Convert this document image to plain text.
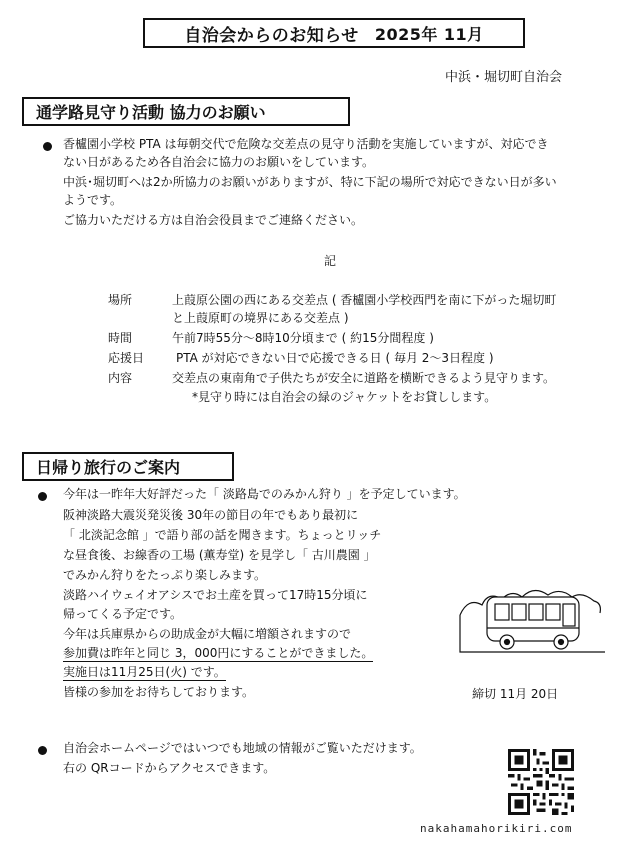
自治会からのお知らせ 2025年 11月
中浜・堀切町自治会
通学路見守り活動 協力のお願い
香櫨園小学校 PTA は毎朝交代で危険な交差点の見守り活動を実施していますが、対応でき
ない日があるため各自治会に協力のお願いをしています。
中浜･堀切町へは2か所協力のお願いがありますが、特に下記の場所で対応できない日が多い
ようです。
ご協力いただける方は自治会役員までご連絡ください。
記
場所	上葭原公園の西にある交差点 ( 香櫨園小学校西門を南に下がった堀切町
と上葭原町の境界にある交差点 )
時間	午前7時55分～8時10分頃まで ( 約15分間程度 )
応援日	PTA が対応できない日で応援できる日 ( 毎月 2～3日程度 )
内容	交差点の東南角で子供たちが安全に道路を横断できるよう見守ります。
*見守り時には自治会の緑のジャケットをお貸しします。
日帰り旅行のご案内
今年は一昨年大好評だった「 淡路島でのみかん狩り 」を予定しています。
阪神淡路大震災発災後 30年の節目の年でもあり最初に
「 北淡記念館 」で語り部の話を聞きます。ちょっとリッチ
な昼食後、お線香の工場 (薫寿堂) を見学し「 古川農園 」
でみかん狩りをたっぷり楽しみます。
淡路ハイウェイオアシスでお土産を買って17時15分頃に
帰ってくる予定です。
今年は兵庫県からの助成金が大幅に増額されますので
参加費は昨年と同じ 3，000円にすることができました。
実施日は11月25日(火) です。
皆様の参加をお待ちしております。	締切 11月 20日
自治会ホームページではいつでも地域の情報がご覧いただけます。
右の QRコードからアクセスできます。
nakahamahorikiri.com
